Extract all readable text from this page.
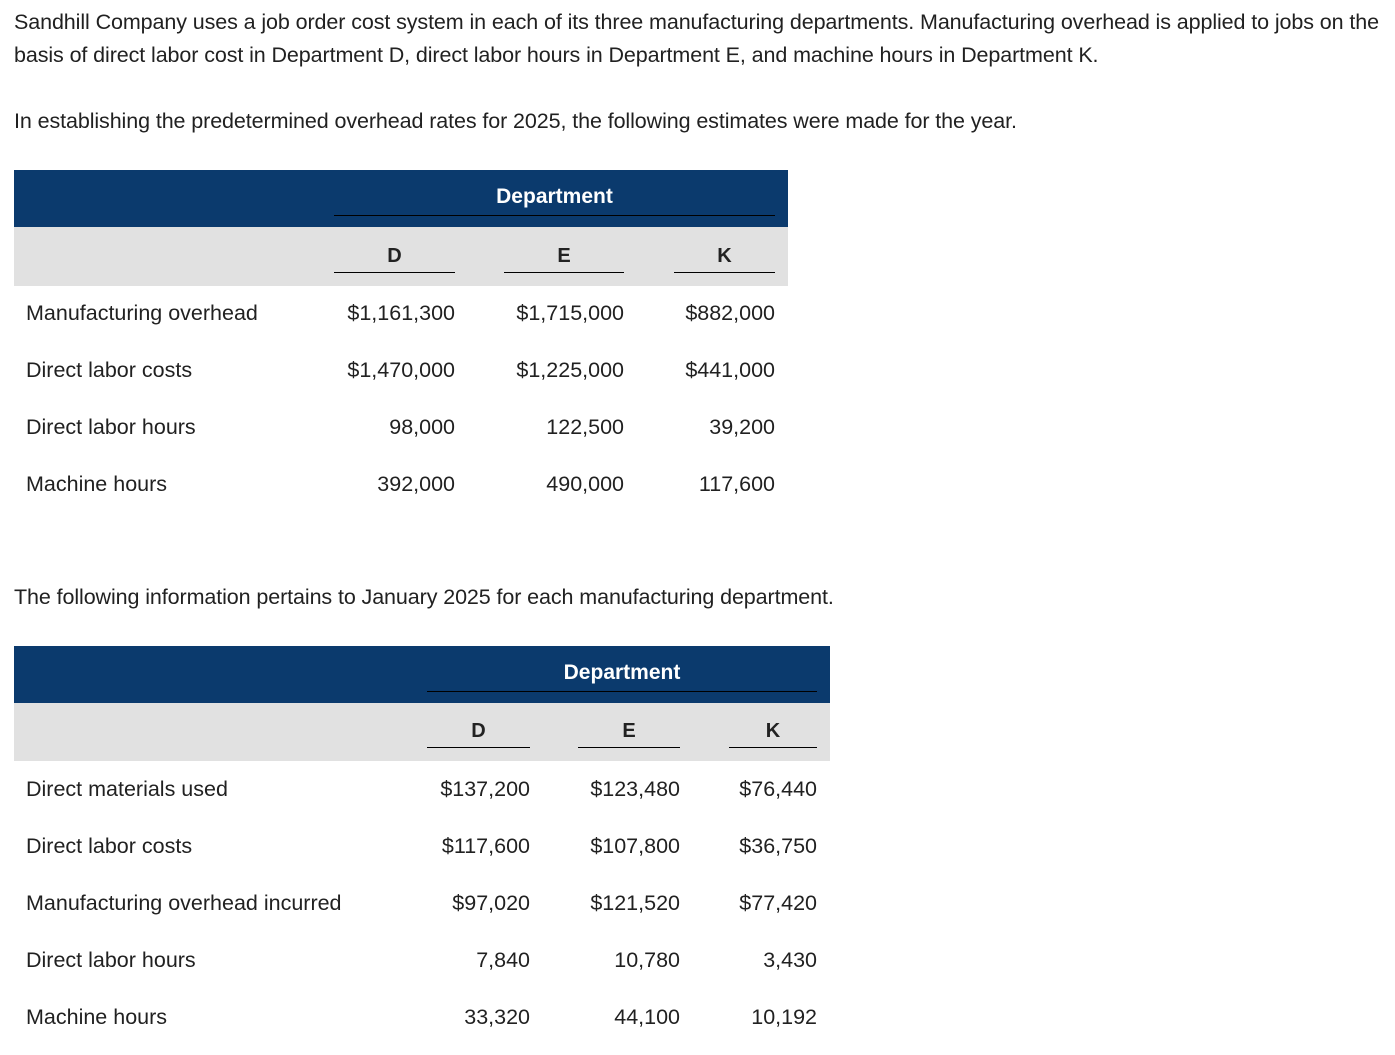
Sandhill Company uses a job order cost system in each of its three manufacturing departments. Manufacturing overhead is applied to jobs on the basis of direct labor cost in Department D, direct labor hours in Department E, and machine hours in Department K.

In establishing the predetermined overhead rates for 2025, the following estimates were made for the year.

Department
D	E	K
Manufacturing overhead	$1,161,300	$1,715,000	$882,000
Direct labor costs	$1,470,000	$1,225,000	$441,000
Direct labor hours	98,000	122,500	39,200
Machine hours	392,000	490,000	117,600

The following information pertains to January 2025 for each manufacturing department.

Department
D	E	K
Direct materials used	$137,200	$123,480	$76,440
Direct labor costs	$117,600	$107,800	$36,750
Manufacturing overhead incurred	$97,020	$121,520	$77,420
Direct labor hours	7,840	10,780	3,430
Machine hours	33,320	44,100	10,192
